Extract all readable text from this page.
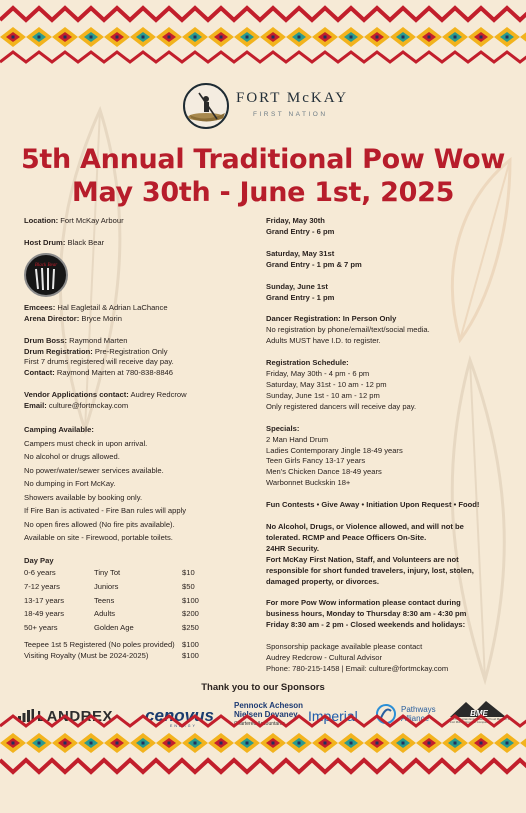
FORT McKAY
FIRST NATION
5th Annual Traditional Pow Wow
May 30th - June 1st, 2025
Location: Fort McKay Arbour
Host Drum: Black Bear
Black Bear
Emcees: Hal Eagletail & Adrian LaChance
Arena Director: Bryce Morin
Drum Boss: Raymond Marten
Drum Registration: Pre-Registration Only
First 7 drums registered will receive day pay.
Contact: Raymond Marten at 780-838-8846
Vendor Applications contact: Audrey Redcrow
Email: culture@fortmckay.com
Camping Available:
Campers must check in upon arrival.
No alcohol or drugs allowed.
No power/water/sewer services available.
No dumping in Fort McKay.
Showers available by booking only.
If Fire Ban is activated - Fire Ban rules will apply
No open fires allowed (No fire pits available).
Available on site - Firewood, portable toilets.
Day Pay
0-6 years	Tiny Tot	$10
7-12 years	Juniors	$50
13-17 years	Teens	$100
18-49 years	Adults	$200
50+ years	Golden Age	$250
Teepee 1st 5 Registered (No poles provided) $100
Visiting Royalty (Must be 2024-2025)	$100
Friday, May 30th
Grand Entry - 6 pm
Saturday, May 31st
Grand Entry - 1 pm & 7 pm
Sunday, June 1st
Grand Entry - 1 pm
Dancer Registration: In Person Only
No registration by phone/email/text/social media.
Adults MUST have I.D. to register.
Registration Schedule:
Friday, May 30th - 4 pm - 6 pm
Saturday, May 31st - 10 am - 12 pm
Sunday, June 1st - 10 am - 12 pm
Only registered dancers will receive day pay.
Specials:
2 Man Hand Drum
Ladies Contemporary Jingle 18-49 years
Teen Girls Fancy 13-17 years
Men's Chicken Dance 18-49 years
Warbonnet Buckskin 18+
Fun Contests • Give Away • Initiation Upon Request • Food!
No Alcohol, Drugs, or Violence allowed, and will not be
tolerated. RCMP and Peace Officers On-Site.
24HR Security.
Fort McKay First Nation, Staff, and Volunteers are not
responsible for short funded travelers, injury, lost, stolen,
damaged property, or divorces.
For more Pow Wow information please contact during
business hours, Monday to Thursday 8:30 am - 4:30 pm
Friday 8:30 am - 2 pm - Closed weekends and holidays:
Sponsorship package available please contact
Audrey Redcrow - Cultural Advisor
Phone: 780-215-1458 | Email: culture@fortmckay.com
Thank you to our Sponsors
LANDREX cenovus
ENERGY
Pennock Acheson
Nielsen Devaney
Chartered Accountants Imperial	Pathways
Alliance
BME
Birch Mountain Enterprises LP Proud Member of Fort McKay Group of Companies
